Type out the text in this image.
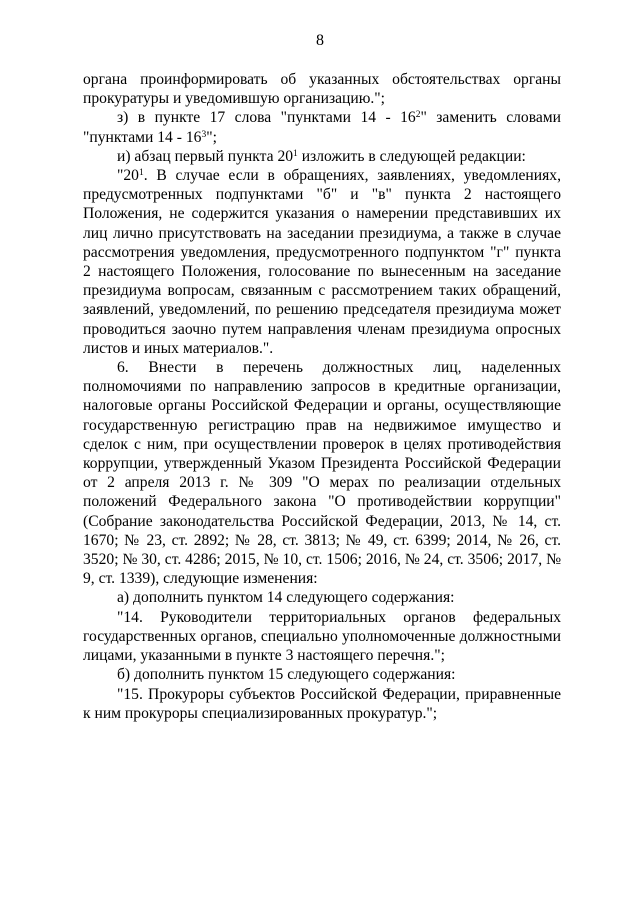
8

органа проинформировать об указанных обстоятельствах органы прокуратуры и уведомившую организацию.";

з) в пункте 17 слова "пунктами $14 - 16^2$" заменить словами "пунктами $14 - 16^3$";

и) абзац первый пункта $20^1$ изложить в следующей редакции:

"$20^1$. В случае если в обращениях, заявлениях, уведомлениях, предусмотренных подпунктами "б" и "в" пункта 2 настоящего Положения, не содержится указания о намерении представивших их лиц лично присутствовать на заседании президиума, а также в случае рассмотрения уведомления, предусмотренного подпунктом "г" пункта 2 настоящего Положения, голосование по вынесенным на заседание президиума вопросам, связанным с рассмотрением таких обращений, заявлений, уведомлений, по решению председателя президиума может проводиться заочно путем направления членам президиума опросных листов и иных материалов.".

6. Внести в перечень должностных лиц, наделенных полномочиями по направлению запросов в кредитные организации, налоговые органы Российской Федерации и органы, осуществляющие государственную регистрацию прав на недвижимое имущество и сделок с ним, при осуществлении проверок в целях противодействия коррупции, утвержденный Указом Президента Российской Федерации от 2 апреля 2013 г. № 309 "О мерах по реализации отдельных положений Федерального закона "О противодействии коррупции" (Собрание законодательства Российской Федерации, 2013, № 14, ст. 1670; № 23, ст. 2892; № 28, ст. 3813; № 49, ст. 6399; 2014, № 26, ст. 3520; № 30, ст. 4286; 2015, № 10, ст. 1506; 2016, № 24, ст. 3506; 2017, № 9, ст. 1339), следующие изменения:

а) дополнить пунктом 14 следующего содержания:

"14. Руководители территориальных органов федеральных государственных органов, специально уполномоченные должностными лицами, указанными в пункте 3 настоящего перечня.";

б) дополнить пунктом 15 следующего содержания:

"15. Прокуроры субъектов Российской Федерации, приравненные к ним прокуроры специализированных прокуратур.";
